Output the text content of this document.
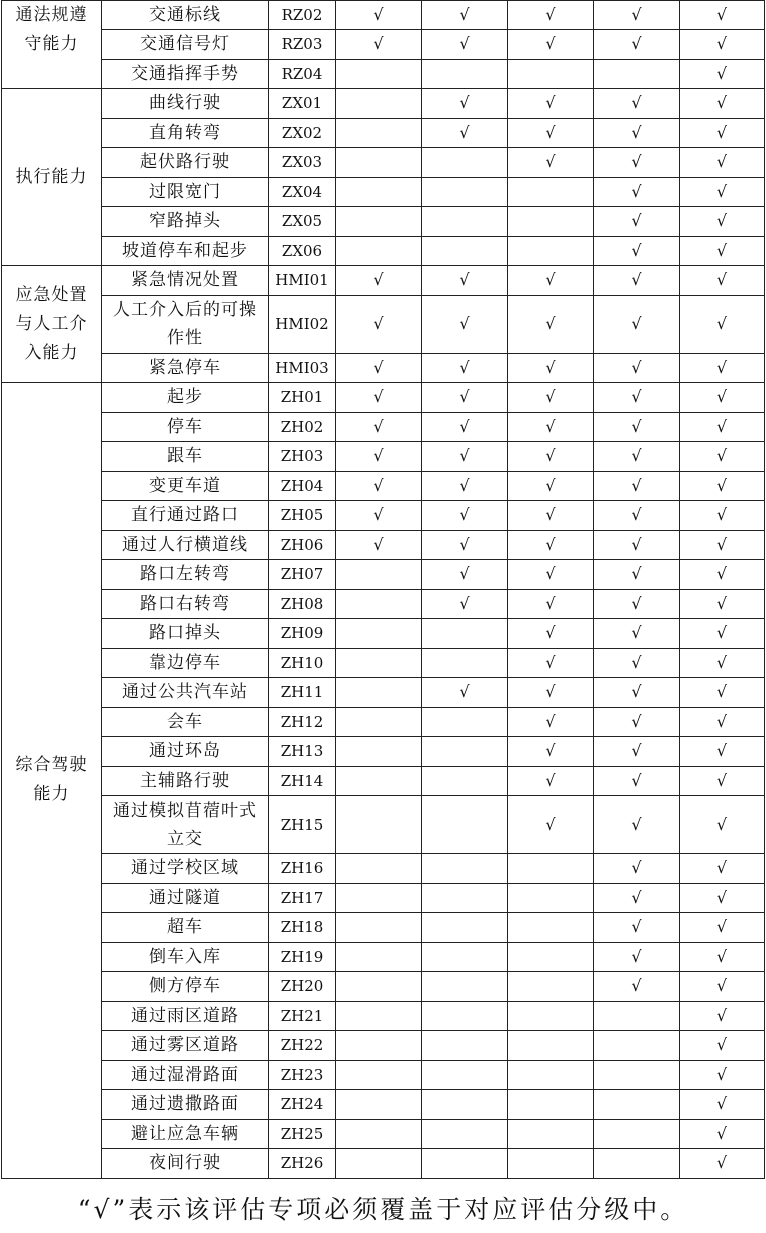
通法规遵
守能力	交通标线	RZ02	√	√	√	√	√
	交通信号灯	RZ03	√	√	√	√	√
	交通指挥手势	RZ04					√
执行能力	曲线行驶	ZX01		√	√	√	√
	直角转弯	ZX02		√	√	√	√
	起伏路行驶	ZX03			√	√	√
	过限宽门	ZX04				√	√
	窄路掉头	ZX05				√	√
	坡道停车和起步	ZX06				√	√
应急处置
与人工介
入能力	紧急情况处置	HMI01	√	√	√	√	√
	人工介入后的可操
作性	HMI02	√	√	√	√	√
	紧急停车	HMI03	√	√	√	√	√
综合驾驶
能力	起步	ZH01	√	√	√	√	√
	停车	ZH02	√	√	√	√	√
	跟车	ZH03	√	√	√	√	√
	变更车道	ZH04	√	√	√	√	√
	直行通过路口	ZH05	√	√	√	√	√
	通过人行横道线	ZH06	√	√	√	√	√
	路口左转弯	ZH07		√	√	√	√
	路口右转弯	ZH08		√	√	√	√
	路口掉头	ZH09			√	√	√
	靠边停车	ZH10			√	√	√
	通过公共汽车站	ZH11		√	√	√	√
	会车	ZH12			√	√	√
	通过环岛	ZH13			√	√	√
	主辅路行驶	ZH14			√	√	√
	通过模拟苜蓿叶式
立交	ZH15			√	√	√
	通过学校区域	ZH16				√	√
	通过隧道	ZH17				√	√
	超车	ZH18				√	√
	倒车入库	ZH19				√	√
	侧方停车	ZH20				√	√
	通过雨区道路	ZH21					√
	通过雾区道路	ZH22					√
	通过湿滑路面	ZH23					√
	通过遗撒路面	ZH24					√
	避让应急车辆	ZH25					√
	夜间行驶	ZH26					√
“√”表示该评估专项必须覆盖于对应评估分级中。
